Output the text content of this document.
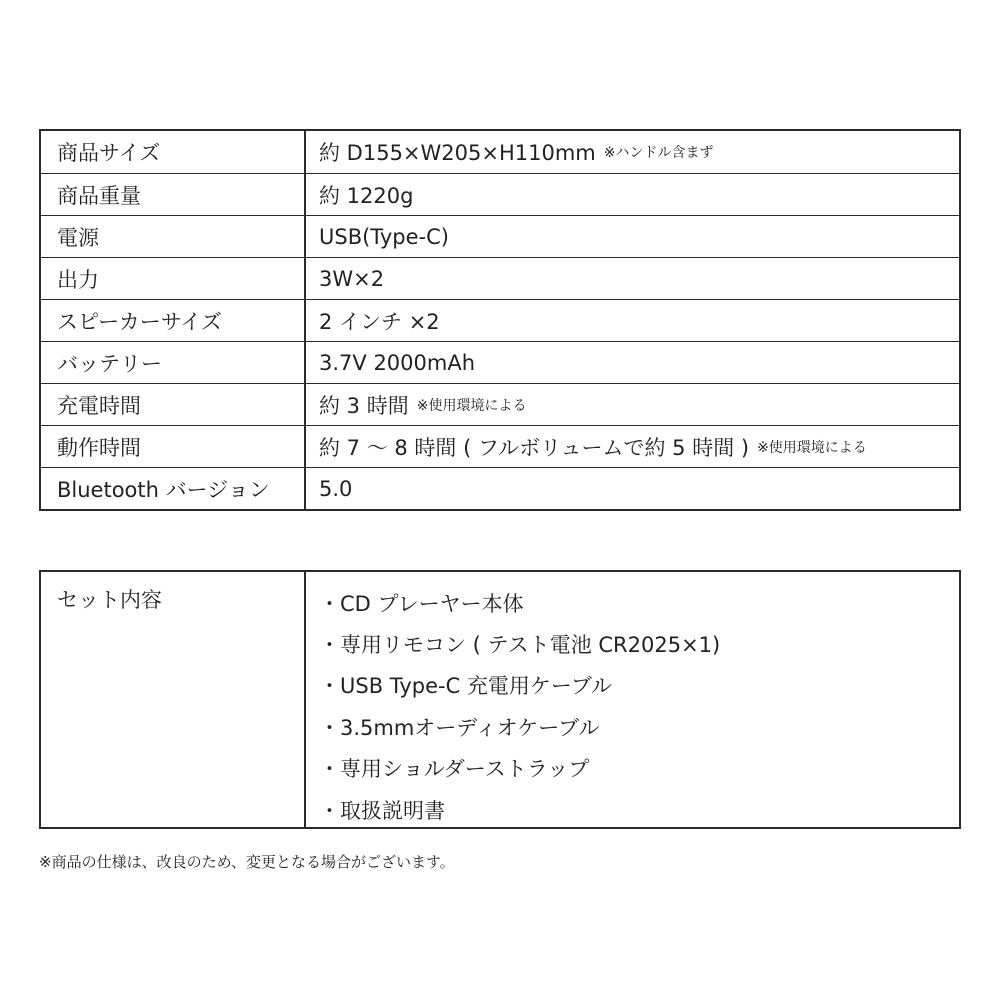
商品サイズ	約 D155×W205×H110mm ※ハンドル含まず
商品重量	約 1220g
電源	USB(Type-C)
出力	3W×2
スピーカーサイズ	2 インチ ×2
バッテリー	3.7V 2000mAh
充電時間	約 3 時間 ※使用環境による
動作時間	約 7 ～ 8 時間 ( フルボリュームで約 5 時間 ) ※使用環境による
Bluetooth バージョン	5.0
セット内容	・CD プレーヤー本体
・専用リモコン ( テスト電池 CR2025×1)
・USB Type-C 充電用ケーブル
・3.5mmオーディオケーブル
・専用ショルダーストラップ
・取扱説明書
※商品の仕様は、改良のため、変更となる場合がございます。
